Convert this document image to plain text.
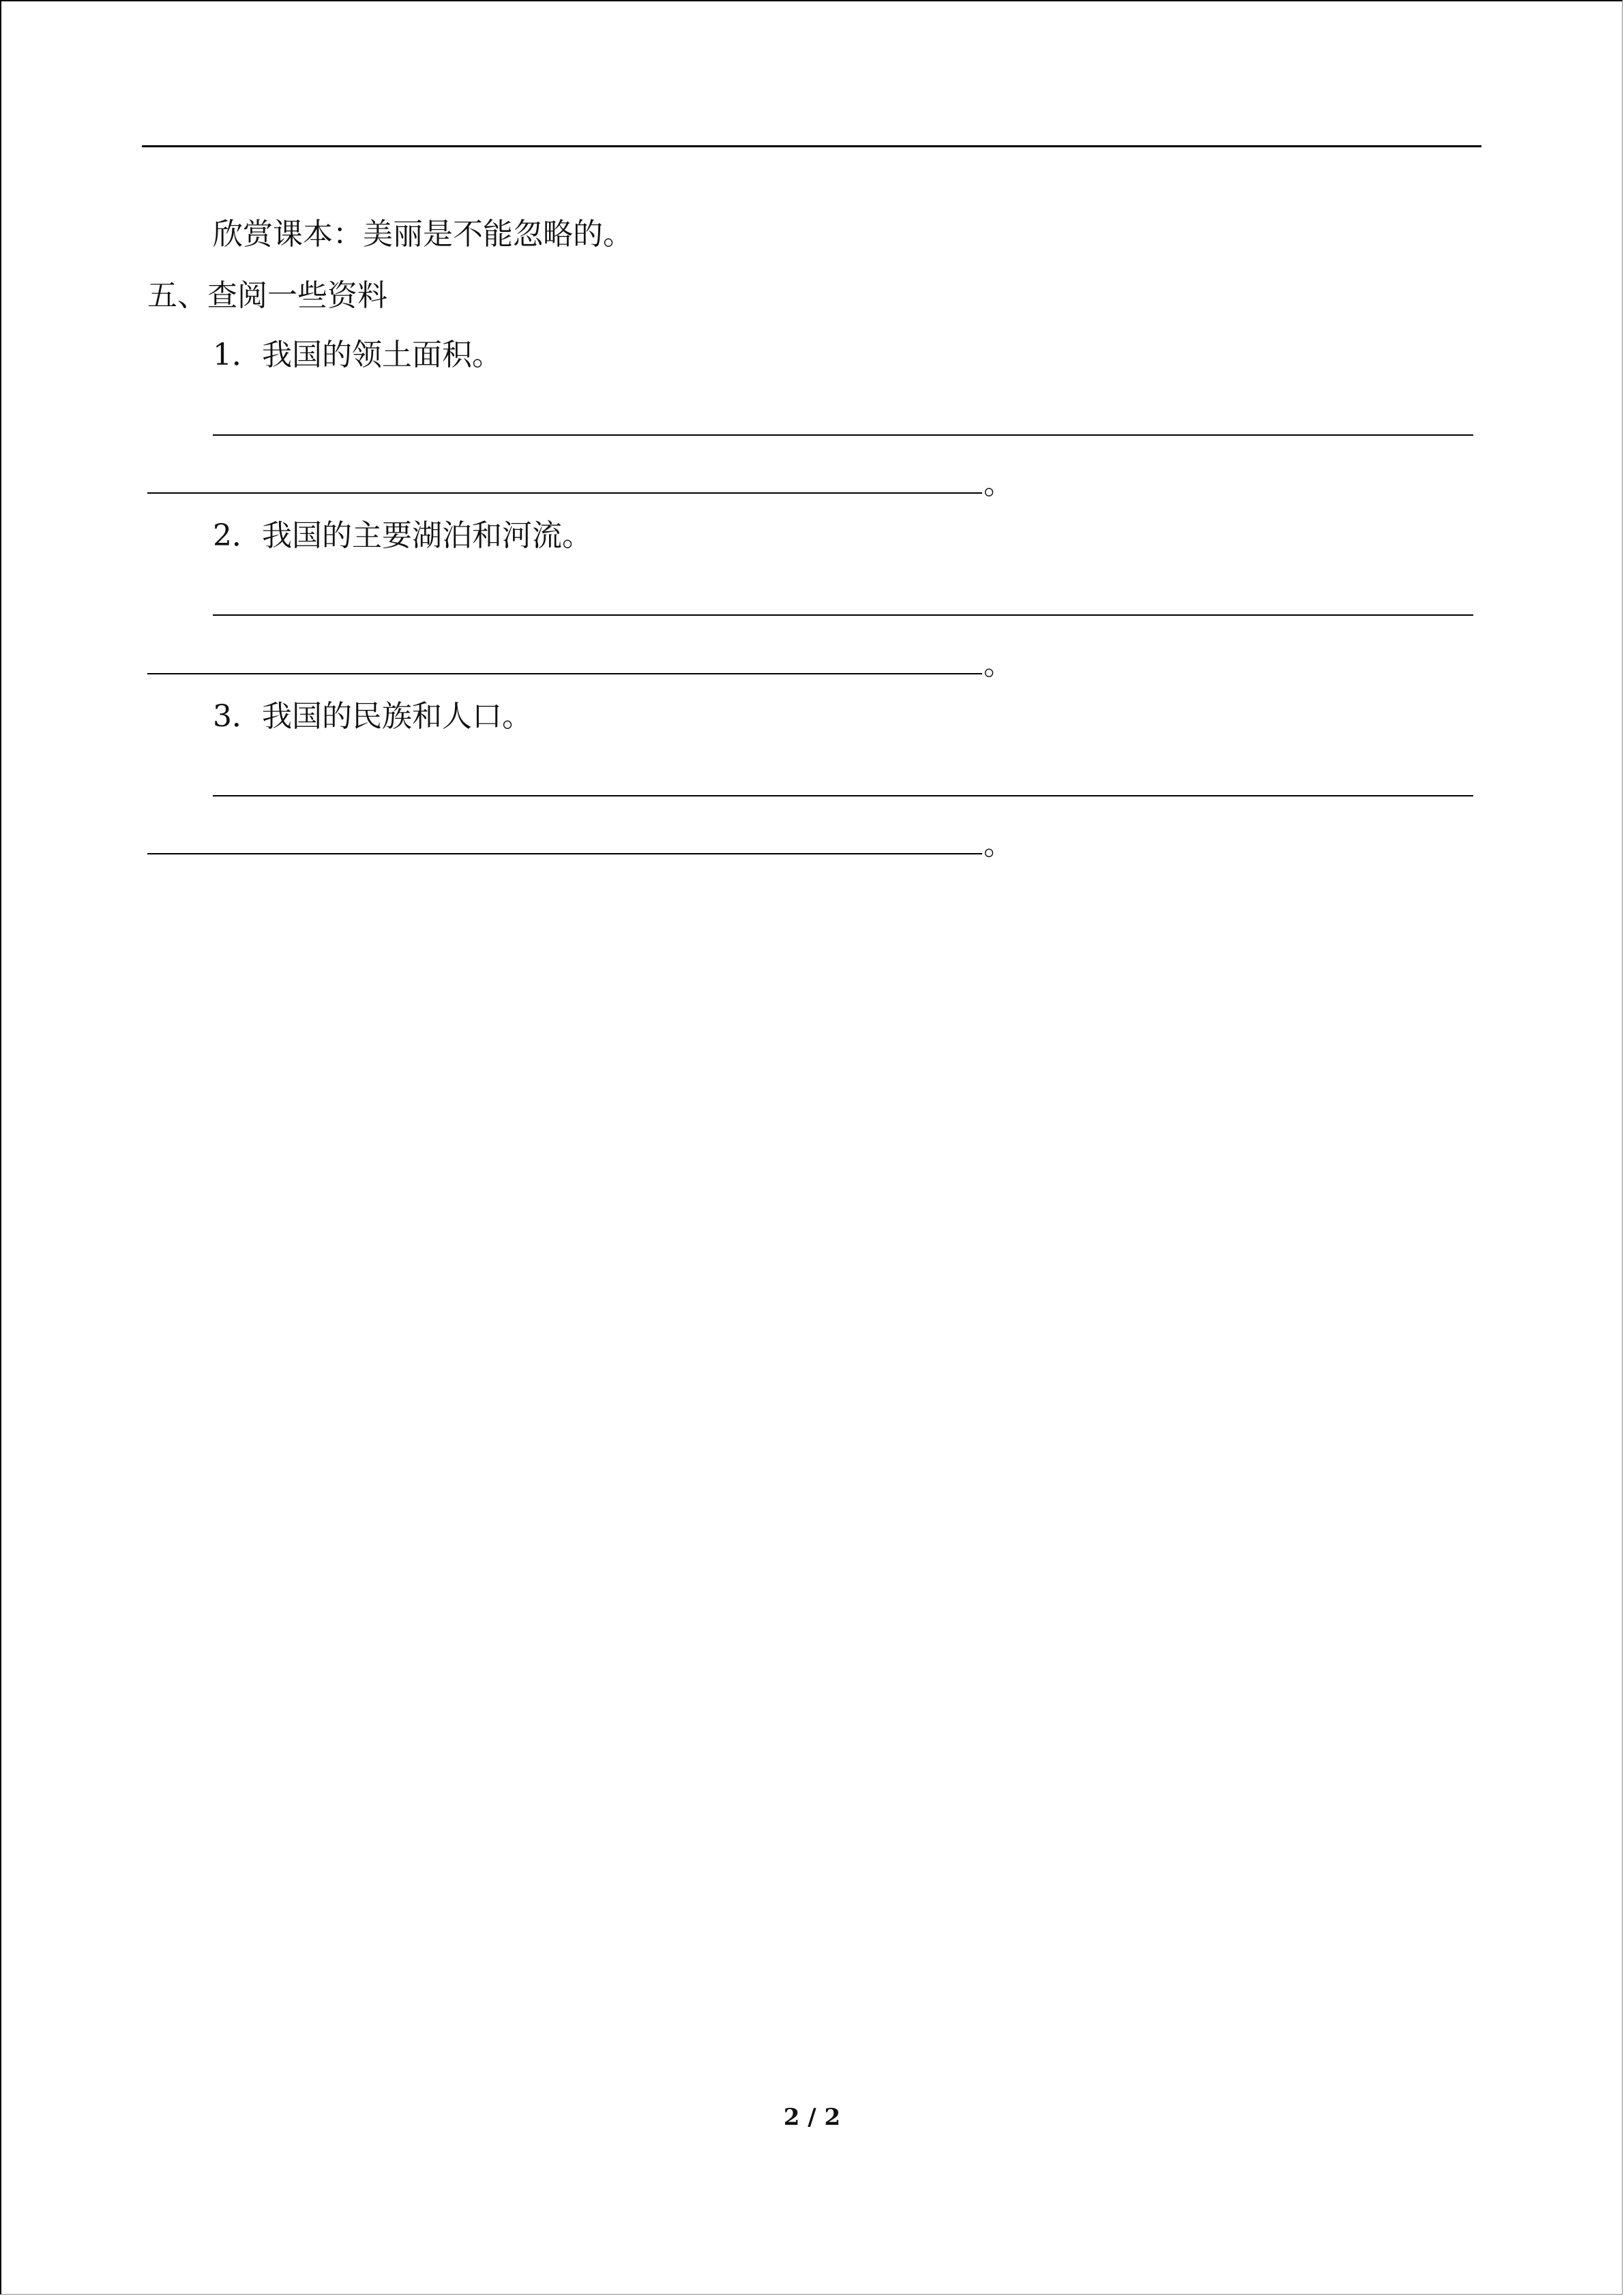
欣赏课本：美丽是不能忽略的。
五、查阅一些资料
1．我国的领土面积。
。
2．我国的主要湖泊和河流。
。
3．我国的民族和人口。
。
2 / 2
